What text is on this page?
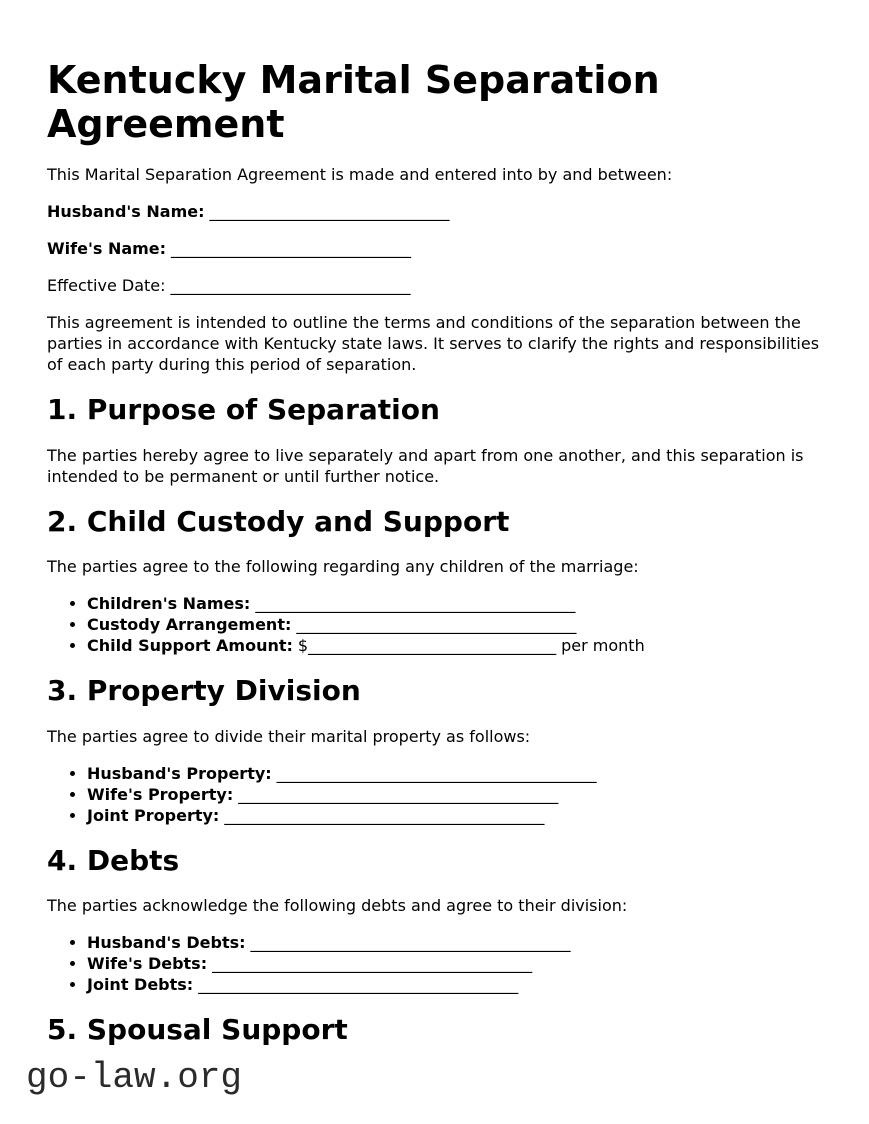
Kentucky Marital Separation Agreement

This Marital Separation Agreement is made and entered into by and between:

Husband's Name: ______________________________

Wife's Name: ______________________________

Effective Date: ______________________________

This agreement is intended to outline the terms and conditions of the separation between the parties in accordance with Kentucky state laws. It serves to clarify the rights and responsibilities of each party during this period of separation.

1. Purpose of Separation

The parties hereby agree to live separately and apart from one another, and this separation is intended to be permanent or until further notice.

2. Child Custody and Support

The parties agree to the following regarding any children of the marriage:

• Children's Names: ________________________________________
• Custody Arrangement: ___________________________________
• Child Support Amount: $_______________________________ per month
3. Property Division

The parties agree to divide their marital property as follows:

• Husband's Property: ________________________________________
• Wife's Property: ________________________________________
• Joint Property: ________________________________________
4. Debts

The parties acknowledge the following debts and agree to their division:

• Husband's Debts: ________________________________________
• Wife's Debts: ________________________________________
• Joint Debts: ________________________________________
5. Spousal Support
go-law.org
